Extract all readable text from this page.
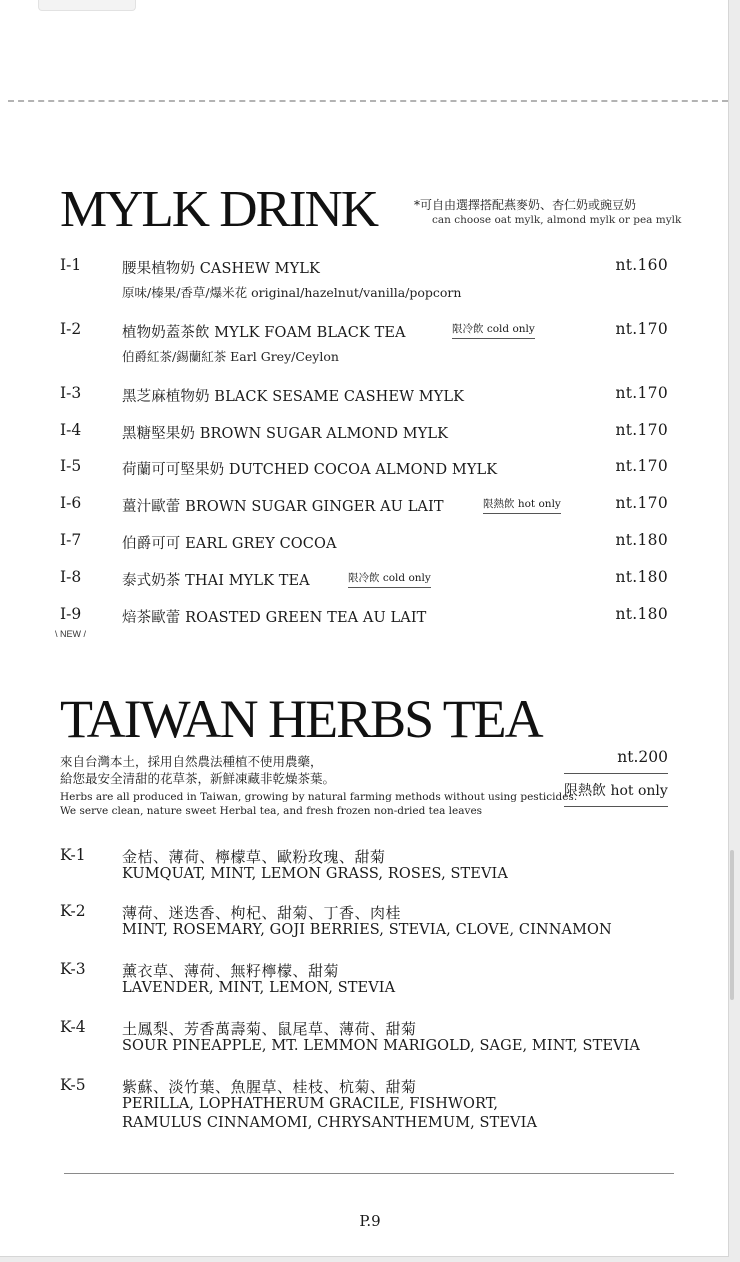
MYLK DRINK	*可自由選擇搭配燕麥奶、杏仁奶或豌豆奶
can choose oat mylk, almond mylk or pea mylk
I-1	腰果植物奶 CASHEW MYLK
原味/榛果/香草/爆米花 original/hazelnut/vanilla/popcorn
nt.160
I-2	植物奶蓋茶飲 MYLK FOAM BLACK TEA	限冷飲 cold only
伯爵紅茶/錫蘭紅茶 Earl Grey/Ceylon
nt.170
I-3	黑芝麻植物奶 BLACK SESAME CASHEW MYLK	nt.170
I-4	黑糖堅果奶 BROWN SUGAR ALMOND MYLK	nt.170
I-5	荷蘭可可堅果奶 DUTCHED COCOA ALMOND MYLK	nt.170
I-6	薑汁歐蕾 BROWN SUGAR GINGER AU LAIT	限熱飲 hot only	nt.170
I-7	伯爵可可 EARL GREY COCOA	nt.180
I-8	泰式奶茶 THAI MYLK TEA	限冷飲 cold only	nt.180
I-9	焙茶歐蕾 ROASTED GREEN TEA AU LAIT	nt.180
\ NEW /
TAIWAN HERBS TEA
來自台灣本土，採用自然農法種植不使用農藥，
給您最安全清甜的花草茶，新鮮凍藏非乾燥茶葉。
Herbs are all produced in Taiwan, growing by natural farming methods without using pesticides.
We serve clean, nature sweet Herbal tea, and fresh frozen non-dried tea leaves
nt.200
限熱飲 hot only
K-1 金桔、薄荷、檸檬草、歐粉玫瑰、甜菊
KUMQUAT, MINT, LEMON GRASS, ROSES, STEVIA
K-2 薄荷、迷迭香、枸杞、甜菊、丁香、肉桂
MINT, ROSEMARY, GOJI BERRIES, STEVIA, CLOVE, CINNAMON
K-3 薰衣草、薄荷、無籽檸檬、甜菊
LAVENDER, MINT, LEMON, STEVIA
K-4 土鳳梨、芳香萬壽菊、鼠尾草、薄荷、甜菊
SOUR PINEAPPLE, MT. LEMMON MARIGOLD, SAGE, MINT, STEVIA
K-5 紫蘇、淡竹葉、魚腥草、桂枝、杭菊、甜菊
PERILLA, LOPHATHERUM GRACILE, FISHWORT,
RAMULUS CINNAMOMI, CHRYSANTHEMUM, STEVIA
P.9
